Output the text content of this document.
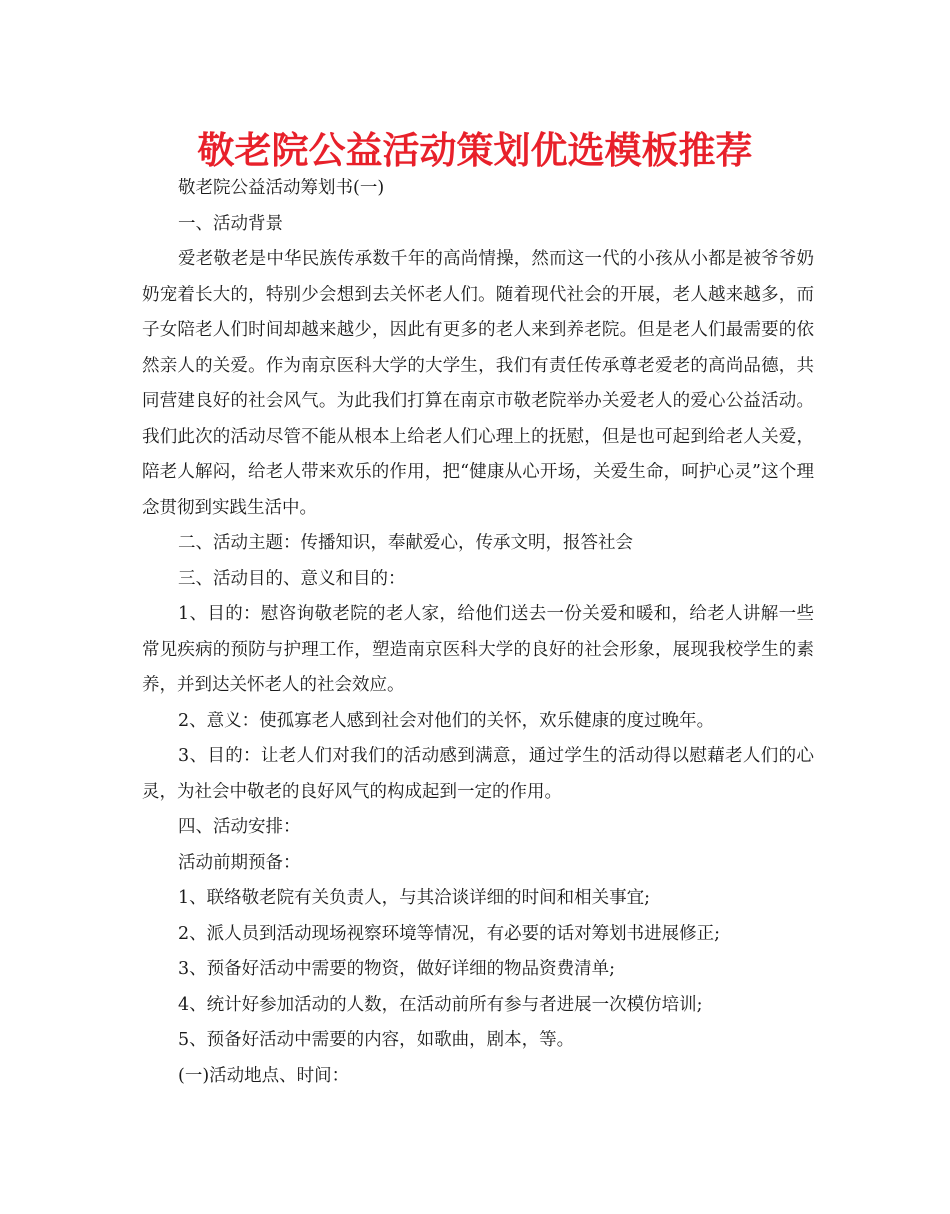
敬老院公益活动策划优选模板推荐

敬老院公益活动筹划书(一)

一、活动背景

爱老敬老是中华民族传承数千年的高尚情操，然而这一代的小孩从小都是被爷爷奶奶宠着长大的，特别少会想到去关怀老人们。随着现代社会的开展，老人越来越多，而子女陪老人们时间却越来越少，因此有更多的老人来到养老院。但是老人们最需要的依然亲人的关爱。作为南京医科大学的大学生，我们有责任传承尊老爱老的高尚品德，共同营建良好的社会风气。为此我们打算在南京市敬老院举办关爱老人的爱心公益活动。我们此次的活动尽管不能从根本上给老人们心理上的抚慰，但是也可起到给老人关爱，陪老人解闷，给老人带来欢乐的作用，把“健康从心开场，关爱生命，呵护心灵”这个理念贯彻到实践生活中。

二、活动主题：传播知识，奉献爱心，传承文明，报答社会

三、活动目的、意义和目的：

1、目的：慰咨询敬老院的老人家，给他们送去一份关爱和暖和，给老人讲解一些常见疾病的预防与护理工作，塑造南京医科大学的良好的社会形象，展现我校学生的素养，并到达关怀老人的社会效应。

2、意义：使孤寡老人感到社会对他们的关怀，欢乐健康的度过晚年。

3、目的：让老人们对我们的活动感到满意，通过学生的活动得以慰藉老人们的心灵，为社会中敬老的良好风气的构成起到一定的作用。

四、活动安排：

活动前期预备：

1、联络敬老院有关负责人，与其洽谈详细的时间和相关事宜;

2、派人员到活动现场视察环境等情况，有必要的话对筹划书进展修正;

3、预备好活动中需要的物资，做好详细的物品资费清单;

4、统计好参加活动的人数，在活动前所有参与者进展一次模仿培训;

5、预备好活动中需要的内容，如歌曲，剧本，等。

(一)活动地点、时间：
